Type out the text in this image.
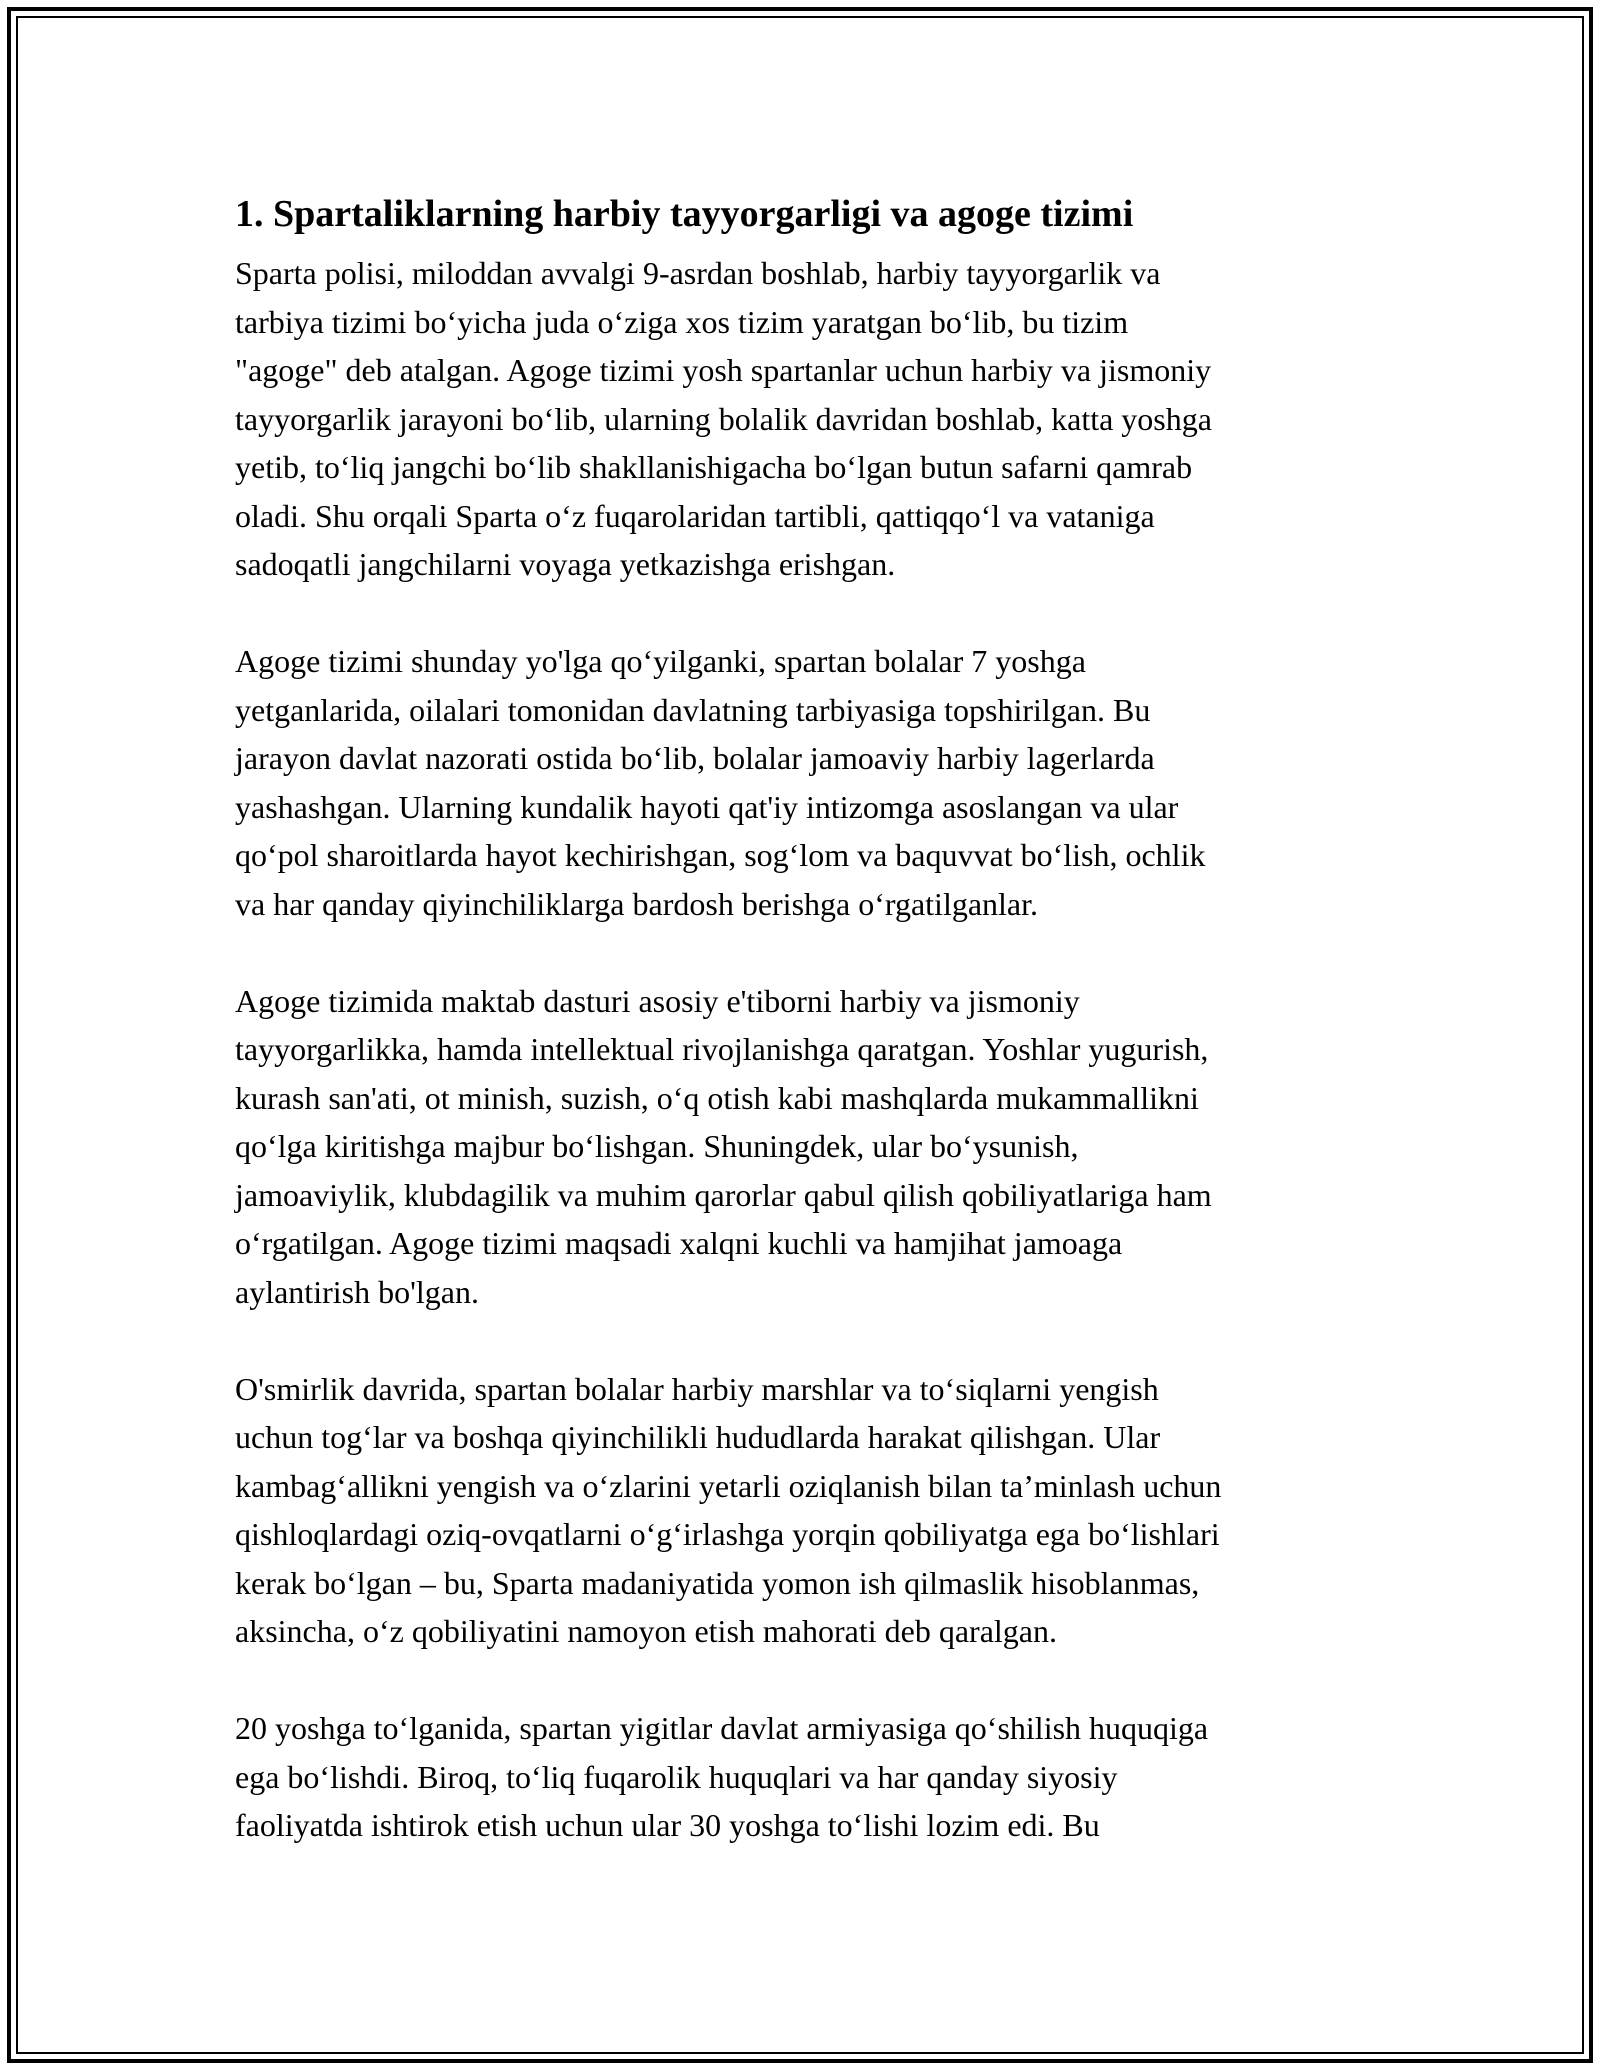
1. Spartaliklarning harbiy tayyorgarligi va agoge tizimi
Sparta polisi, miloddan avvalgi 9-asrdan boshlab, harbiy tayyorgarlik va
tarbiya tizimi bo‘yicha juda o‘ziga xos tizim yaratgan bo‘lib, bu tizim
"agoge" deb atalgan. Agoge tizimi yosh spartanlar uchun harbiy va jismoniy
tayyorgarlik jarayoni bo‘lib, ularning bolalik davridan boshlab, katta yoshga
yetib, to‘liq jangchi bo‘lib shakllanishigacha bo‘lgan butun safarni qamrab
oladi. Shu orqali Sparta o‘z fuqarolaridan tartibli, qattiqqo‘l va vataniga
sadoqatli jangchilarni voyaga yetkazishga erishgan.
Agoge tizimi shunday yo'lga qo‘yilganki, spartan bolalar 7 yoshga
yetganlarida, oilalari tomonidan davlatning tarbiyasiga topshirilgan. Bu
jarayon davlat nazorati ostida bo‘lib, bolalar jamoaviy harbiy lagerlarda
yashashgan. Ularning kundalik hayoti qat'iy intizomga asoslangan va ular
qo‘pol sharoitlarda hayot kechirishgan, sog‘lom va baquvvat bo‘lish, ochlik
va har qanday qiyinchiliklarga bardosh berishga o‘rgatilganlar.
Agoge tizimida maktab dasturi asosiy e'tiborni harbiy va jismoniy
tayyorgarlikka, hamda intellektual rivojlanishga qaratgan. Yoshlar yugurish,
kurash san'ati, ot minish, suzish, o‘q otish kabi mashqlarda mukammallikni
qo‘lga kiritishga majbur bo‘lishgan. Shuningdek, ular bo‘ysunish,
jamoaviylik, klubdagilik va muhim qarorlar qabul qilish qobiliyatlariga ham
o‘rgatilgan. Agoge tizimi maqsadi xalqni kuchli va hamjihat jamoaga
aylantirish bo'lgan.
O'smirlik davrida, spartan bolalar harbiy marshlar va to‘siqlarni yengish
uchun tog‘lar va boshqa qiyinchilikli hududlarda harakat qilishgan. Ular
kambag‘allikni yengish va o‘zlarini yetarli oziqlanish bilan ta’minlash uchun
qishloqlardagi oziq-ovqatlarni o‘g‘irlashga yorqin qobiliyatga ega bo‘lishlari
kerak bo‘lgan – bu, Sparta madaniyatida yomon ish qilmaslik hisoblanmas,
aksincha, o‘z qobiliyatini namoyon etish mahorati deb qaralgan.
20 yoshga to‘lganida, spartan yigitlar davlat armiyasiga qo‘shilish huquqiga
ega bo‘lishdi. Biroq, to‘liq fuqarolik huquqlari va har qanday siyosiy
faoliyatda ishtirok etish uchun ular 30 yoshga to‘lishi lozim edi. Bu
